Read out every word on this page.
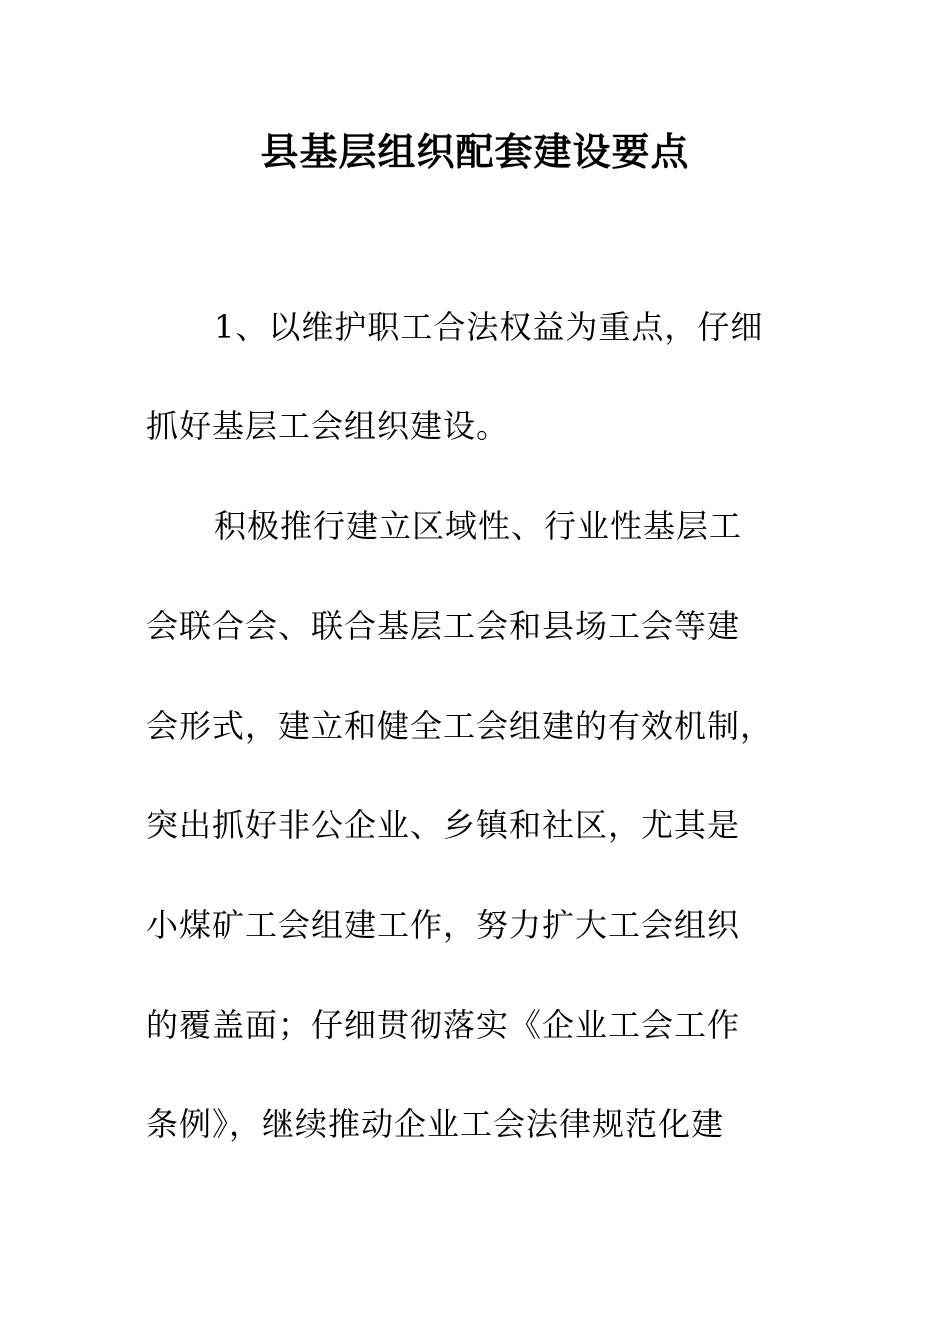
县基层组织配套建设要点
1、以维护职工合法权益为重点，仔细
抓好基层工会组织建设。
积极推行建立区域性、行业性基层工
会联合会、联合基层工会和县场工会等建
会形式，建立和健全工会组建的有效机制，
突出抓好非公企业、乡镇和社区，尤其是
小煤矿工会组建工作，努力扩大工会组织
的覆盖面；仔细贯彻落实《企业工会工作
条例》，继续推动企业工会法律规范化建
